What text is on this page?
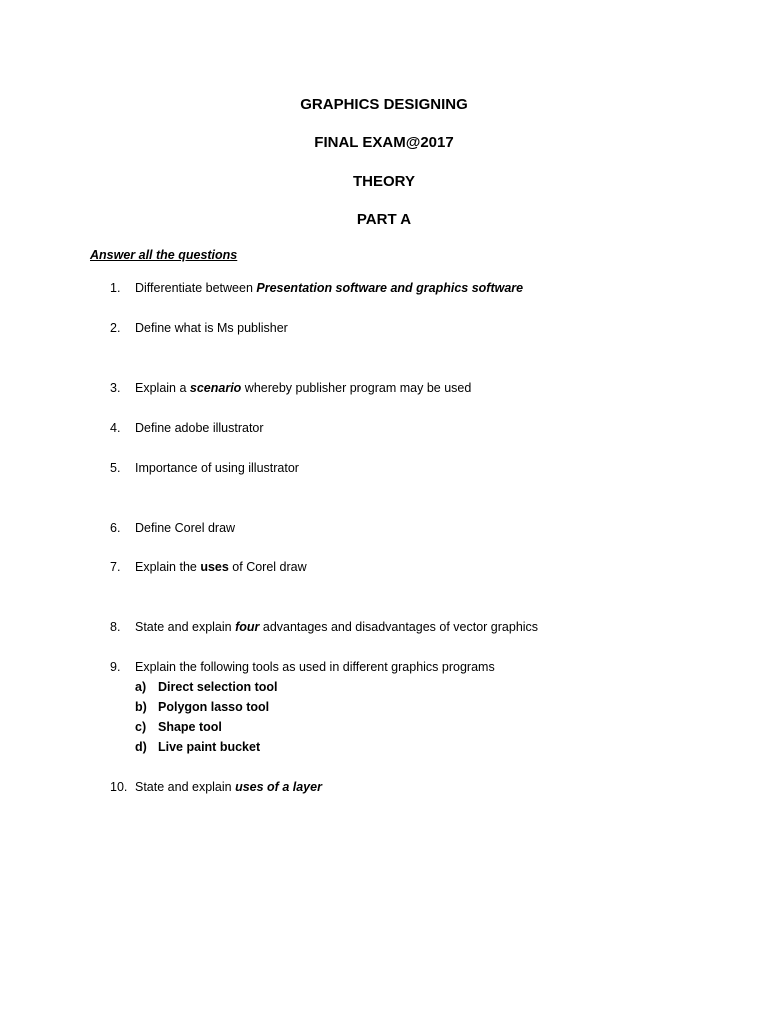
GRAPHICS DESIGNING
FINAL EXAM@2017
THEORY
PART A
Answer all the questions
1.	Differentiate between Presentation software and graphics software
2.	Define what is Ms publisher
3.	Explain a scenario whereby publisher program may be used
4.	Define adobe illustrator
5.	Importance of using illustrator
6.	Define Corel draw
7.	Explain the uses of Corel draw
8.	State and explain four advantages and disadvantages of vector graphics
9.	Explain the following tools as used in different graphics programs
a) Direct selection tool
b) Polygon lasso tool
c) Shape tool
d) Live paint bucket
10. State and explain uses of a layer
